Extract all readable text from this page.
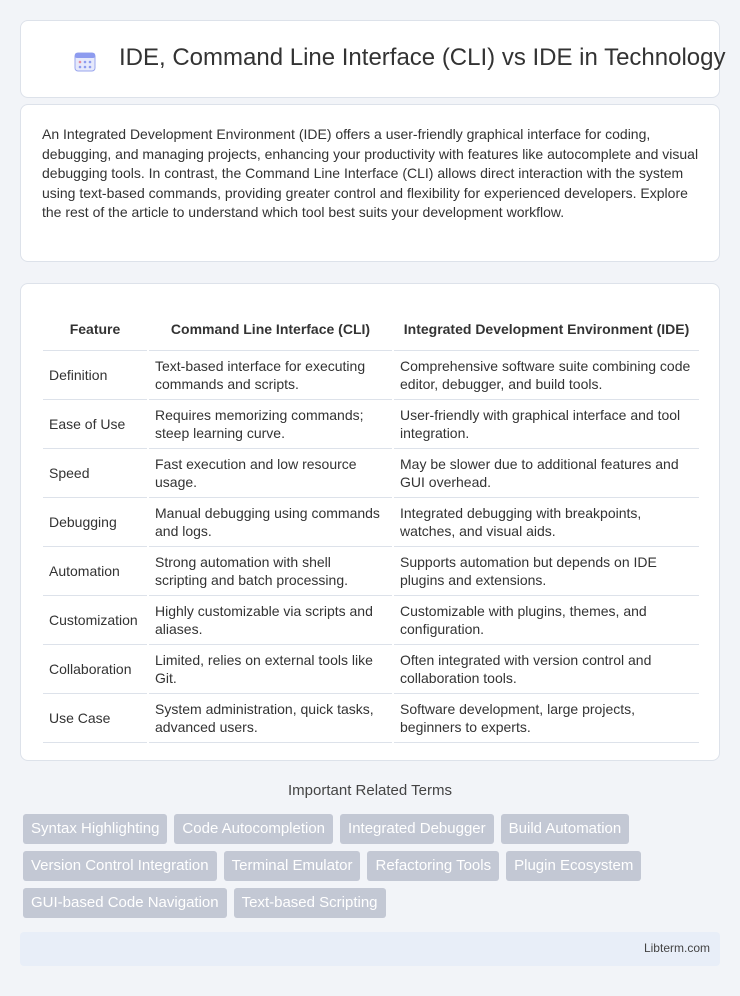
IDE, Command Line Interface (CLI) vs IDE in Technology

An Integrated Development Environment (IDE) offers a user-friendly graphical interface for coding, debugging, and managing projects, enhancing your productivity with features like autocomplete and visual debugging tools. In contrast, the Command Line Interface (CLI) allows direct interaction with the system using text-based commands, providing greater control and flexibility for experienced developers. Explore the rest of the article to understand which tool best suits your development workflow.

Feature	Command Line Interface (CLI)	Integrated Development Environment (IDE)
Definition	Text-based interface for executing commands and scripts.	Comprehensive software suite combining code editor, debugger, and build tools.
Ease of Use	Requires memorizing commands; steep learning curve.	User-friendly with graphical interface and tool integration.
Speed	Fast execution and low resource usage.	May be slower due to additional features and GUI overhead.
Debugging	Manual debugging using commands and logs.	Integrated debugging with breakpoints, watches, and visual aids.
Automation	Strong automation with shell scripting and batch processing.	Supports automation but depends on IDE plugins and extensions.
Customization	Highly customizable via scripts and aliases.	Customizable with plugins, themes, and configuration.
Collaboration	Limited, relies on external tools like Git.	Often integrated with version control and collaboration tools.
Use Case	System administration, quick tasks, advanced users.	Software development, large projects, beginners to experts.
Important Related Terms
Syntax Highlighting	Code Autocompletion	Integrated Debugger	Build Automation
Version Control Integration	Terminal Emulator	Refactoring Tools	Plugin Ecosystem
GUI-based Code Navigation	Text-based Scripting
Libterm.com
